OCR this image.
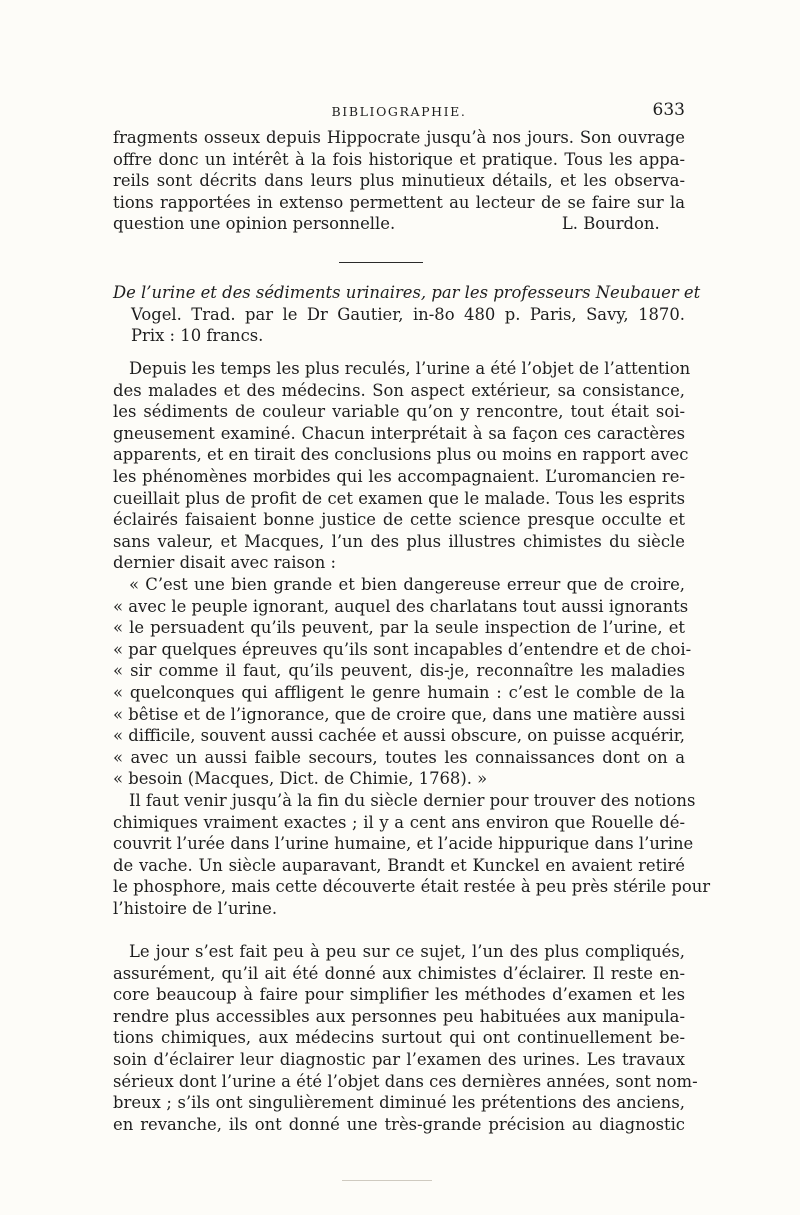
BIBLIOGRAPHIE.	633
fragments osseux depuis Hippocrate jusqu’à nos jours. Son ouvrage
offre donc un intérêt à la fois historique et pratique. Tous les appa-
reils sont décrits dans leurs plus minutieux détails, et les observa-
tions rapportées in extenso permettent au lecteur de se faire sur la
question une opinion personnelle.                                L. Bourdon.
De l’urine et des sédiments urinaires, par les professeurs Neubauer et
Vogel. Trad. par le Dr Gautier, in-8o 480 p. Paris, Savy, 1870.
Prix : 10 francs.
Depuis les temps les plus reculés, l’urine a été l’objet de l’attention
des malades et des médecins. Son aspect extérieur, sa consistance,
les sédiments de couleur variable qu’on y rencontre, tout était soi-
gneusement examiné. Chacun interprétait à sa façon ces caractères
apparents, et en tirait des conclusions plus ou moins en rapport avec
les phénomènes morbides qui les accompagnaient. L’uromancien re-
cueillait plus de profit de cet examen que le malade. Tous les esprits
éclairés faisaient bonne justice de cette science presque occulte et
sans valeur, et Macques, l’un des plus illustres chimistes du siècle
dernier disait avec raison :
« C’est une bien grande et bien dangereuse erreur que de croire,
« avec le peuple ignorant, auquel des charlatans tout aussi ignorants
« le persuadent qu’ils peuvent, par la seule inspection de l’urine, et
« par quelques épreuves qu’ils sont incapables d’entendre et de choi-
« sir comme il faut, qu’ils peuvent, dis-je, reconnaître les maladies
« quelconques qui affligent le genre humain : c’est le comble de la
« bêtise et de l’ignorance, que de croire que, dans une matière aussi
« difficile, souvent aussi cachée et aussi obscure, on puisse acquérir,
« avec un aussi faible secours, toutes les connaissances dont on a
« besoin (Macques, Dict. de Chimie, 1768). »
Il faut venir jusqu’à la fin du siècle dernier pour trouver des notions
chimiques vraiment exactes ; il y a cent ans environ que Rouelle dé-
couvrit l’urée dans l’urine humaine, et l’acide hippurique dans l’urine
de vache. Un siècle auparavant, Brandt et Kunckel en avaient retiré
le phosphore, mais cette découverte était restée à peu près stérile pour
l’histoire de l’urine.
Le jour s’est fait peu à peu sur ce sujet, l’un des plus compliqués,
assurément, qu’il ait été donné aux chimistes d’éclairer. Il reste en-
core beaucoup à faire pour simplifier les méthodes d’examen et les
rendre plus accessibles aux personnes peu habituées aux manipula-
tions chimiques, aux médecins surtout qui ont continuellement be-
soin d’éclairer leur diagnostic par l’examen des urines. Les travaux
sérieux dont l’urine a été l’objet dans ces dernières années, sont nom-
breux ; s’ils ont singulièrement diminué les prétentions des anciens,
en revanche, ils ont donné une très-grande précision au diagnostic
